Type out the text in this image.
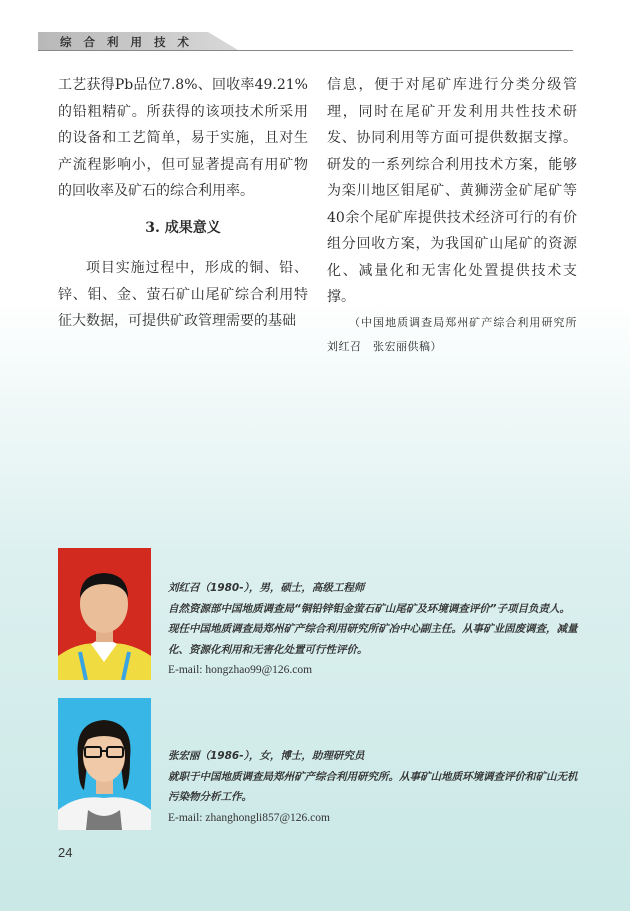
综合利用技术

工艺获得Pb品位7.8%、回收率49.21%的铅粗精矿。所获得的该项技术所采用的设备和工艺简单，易于实施，且对生产流程影响小，但可显著提高有用矿物的回收率及矿石的综合利用率。

3. 成果意义

项目实施过程中，形成的铜、铅、锌、钼、金、萤石矿山尾矿综合利用特征大数据，可提供矿政管理需要的基础

信息，便于对尾矿库进行分类分级管理，同时在尾矿开发利用共性技术研发、协同利用等方面可提供数据支撑。研发的一系列综合利用技术方案，能够为栾川地区钼尾矿、黄狮涝金矿尾矿等40余个尾矿库提供技术经济可行的有价组分回收方案，为我国矿山尾矿的资源化、减量化和无害化处置提供技术支撑。

（中国地质调查局郑州矿产综合利用研究所　刘红召　张宏丽供稿）

刘红召（1980-），男，硕士，高级工程师
自然资源部中国地质调查局“铜铅锌钼金萤石矿山尾矿及环境调查评价”子项目负责人。现任中国地质调查局郑州矿产综合利用研究所矿冶中心副主任。从事矿业固废调查，减量化、资源化利用和无害化处置可行性评价。
E-mail: hongzhao99@126.com
张宏丽（1986-），女，博士，助理研究员
就职于中国地质调查局郑州矿产综合利用研究所。从事矿山地质环境调查评价和矿山无机污染物分析工作。
E-mail: zhanghongli857@126.com
24
